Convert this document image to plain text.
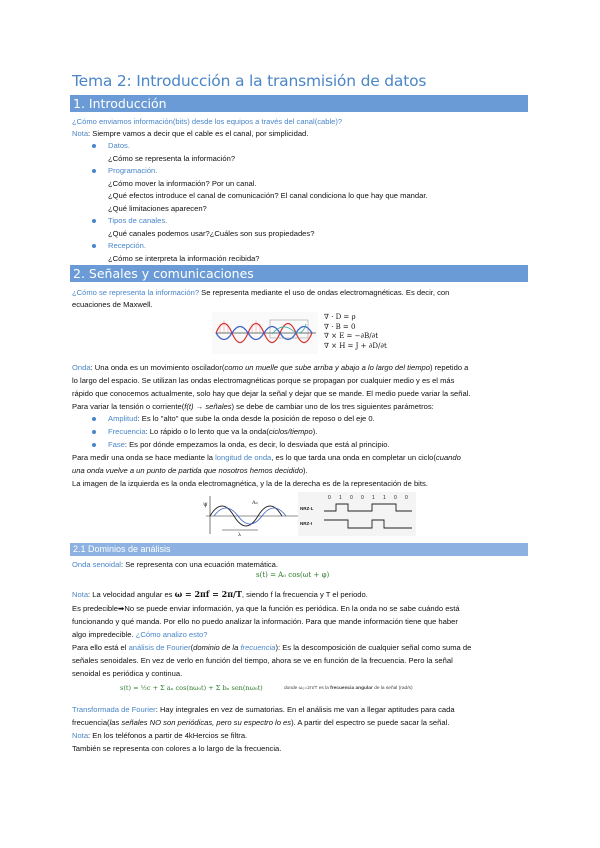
Tema 2: Introducción a la transmisión de datos
1. Introducción
¿Cómo enviamos información(bits) desde los equipos a través del canal(cable)?
Nota: Siempre vamos a decir que el cable es el canal, por simplicidad.
Datos.
¿Cómo se representa la información?
Programación.
¿Cómo mover la información? Por un canal.
¿Qué efectos introduce el canal de comunicación? El canal condiciona lo que hay que mandar.
¿Qué limitaciones aparecen?
Tipos de canales.
¿Qué canales podemos usar?¿Cuáles son sus propiedades?
Recepción.
¿Cómo se interpreta la información recibida?
2. Señales y comunicaciones
¿Cómo se representa la información? Se representa mediante el uso de ondas electromagnéticas. Es decir, con
ecuaciones de Maxwell.
∇ · D = ρ
∇ · B = 0
∇ × E = −∂B/∂t
∇ × H = J + ∂D/∂t
Onda: Una onda es un movimiento oscilador(como un muelle que sube arriba y abajo a lo largo del tiempo) repetido a
lo largo del espacio. Se utilizan las ondas electromagnéticas porque se propagan por cualquier medio y es el más
rápido que conocemos actualmente, solo hay que dejar la señal y dejar que se mande. El medio puede variar la señal.
Para variar la tensión o corriente(f(t) → señales) se debe de cambiar uno de los tres siguientes parámetros:
Amplitud: Es lo "alto" que sube la onda desde la posición de reposo o del eje 0.
Frecuencia: Lo rápido o lo lento que va la onda(ciclos/tiempo).
Fase: Es por dónde empezamos la onda, es decir, lo desviada que está al principio.
Para medir una onda se hace mediante la longitud de onda, es lo que tarda una onda en completar un ciclo(cuando
una onda vuelve a un punto de partida que nosotros hemos decidido).
La imagen de la izquierda es la onda electromagnética, y la de la derecha es de la representación de bits.
ψ	A₀
λ
0 1 0 0 1 1 0 0
NRZ-L
NRZ-I
2.1 Dominios de análisis
Onda senoidal: Se representa con una ecuación matemática.
s(t) = A₀ cos(ωt + φ)
Nota: La velocidad angular es ω = 2πf = 2π/T, siendo f la frecuencia y T el periodo.
Es predecible➡No se puede enviar información, ya que la función es periódica. En la onda no se sabe cuándo está
funcionando y qué manda. Por ello no puedo analizar la información. Para que mande información tiene que haber
algo impredecible. ¿Cómo analizo esto?
Para ello está el análisis de Fourier(dominio de la frecuencia): Es la descomposición de cualquier señal como suma de
señales senoidales. En vez de verlo en función del tiempo, ahora se ve en función de la frecuencia. Pero la señal
senoidal es periódica y continua.
s(t) = ½c + Σ aₙ cos(nω₀t) + Σ bₙ sen(nω₀t)	donde ω₀=2π/T es la frecuencia angular de la señal (rad/s)
Transformada de Fourier: Hay integrales en vez de sumatorias. En el análisis me van a llegar aptitudes para cada
frecuencia(las señales NO son periódicas, pero su espectro lo es). A partir del espectro se puede sacar la señal.
Nota: En los teléfonos a partir de 4kHercios se filtra.
También se representa con colores a lo largo de la frecuencia.
